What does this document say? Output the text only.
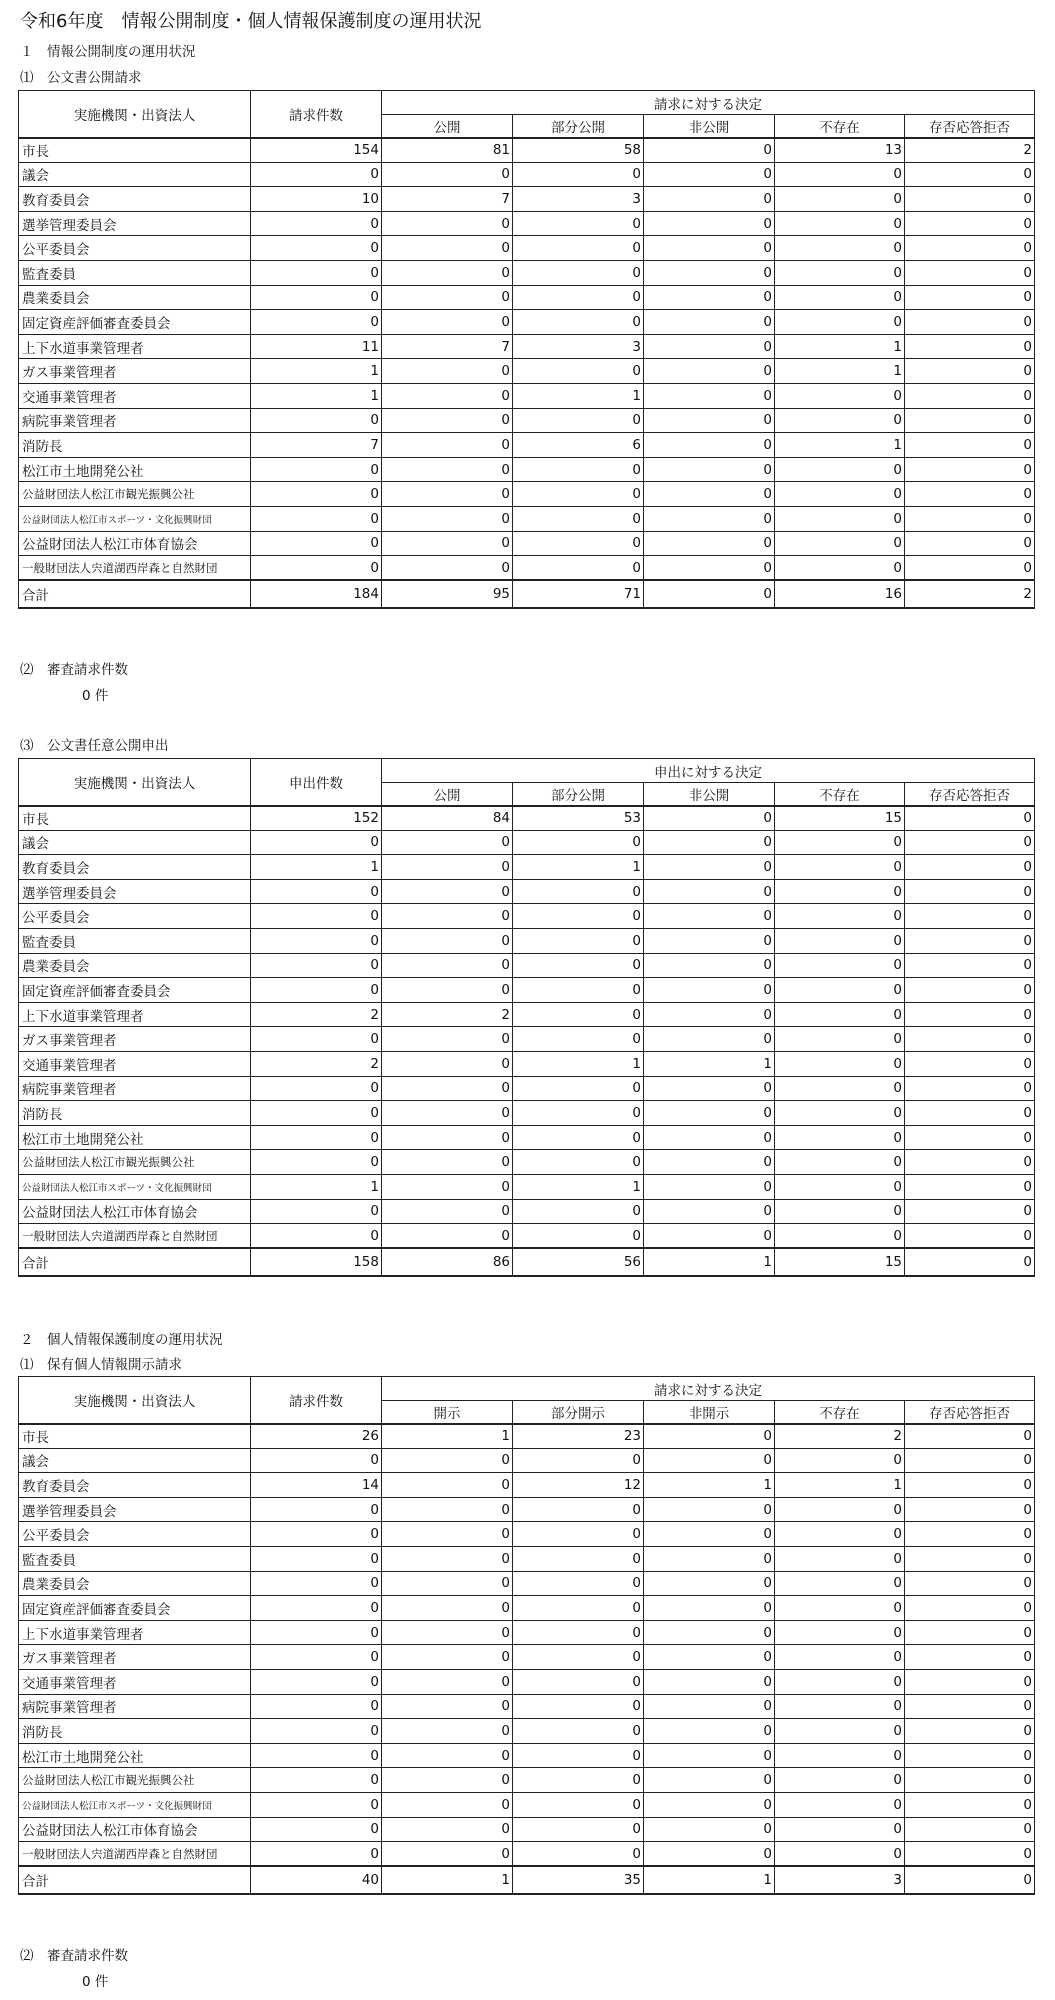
令和6年度　情報公開制度・個人情報保護制度の運用状況
１　情報公開制度の運用状況
⑴　公文書公開請求
実施機関・出資法人	請求件数	請求に対する決定				
		公開	部分公開	非公開	不存在	存否応答拒否
市長	154	81	58	0	13	2
議会	0	0	0	0	0	0
教育委員会	10	7	3	0	0	0
選挙管理委員会	0	0	0	0	0	0
公平委員会	0	0	0	0	0	0
監査委員	0	0	0	0	0	0
農業委員会	0	0	0	0	0	0
固定資産評価審査委員会	0	0	0	0	0	0
上下水道事業管理者	11	7	3	0	1	0
ガス事業管理者	1	0	0	0	1	0
交通事業管理者	1	0	1	0	0	0
病院事業管理者	0	0	0	0	0	0
消防長	7	0	6	0	1	0
松江市土地開発公社	0	0	0	0	0	0
公益財団法人松江市観光振興公社	0	0	0	0	0	0
公益財団法人松江市スポーツ・文化振興財団	0	0	0	0	0	0
公益財団法人松江市体育協会	0	0	0	0	0	0
一般財団法人宍道湖西岸森と自然財団	0	0	0	0	0	0
合計	184	95	71	0	16	2
⑵　審査請求件数
0 件
⑶　公文書任意公開申出
実施機関・出資法人	申出件数	申出に対する決定				
		公開	部分公開	非公開	不存在	存否応答拒否
市長	152	84	53	0	15	0
議会	0	0	0	0	0	0
教育委員会	1	0	1	0	0	0
選挙管理委員会	0	0	0	0	0	0
公平委員会	0	0	0	0	0	0
監査委員	0	0	0	0	0	0
農業委員会	0	0	0	0	0	0
固定資産評価審査委員会	0	0	0	0	0	0
上下水道事業管理者	2	2	0	0	0	0
ガス事業管理者	0	0	0	0	0	0
交通事業管理者	2	0	1	1	0	0
病院事業管理者	0	0	0	0	0	0
消防長	0	0	0	0	0	0
松江市土地開発公社	0	0	0	0	0	0
公益財団法人松江市観光振興公社	0	0	0	0	0	0
公益財団法人松江市スポーツ・文化振興財団	1	0	1	0	0	0
公益財団法人松江市体育協会	0	0	0	0	0	0
一般財団法人宍道湖西岸森と自然財団	0	0	0	0	0	0
合計	158	86	56	1	15	0
２　個人情報保護制度の運用状況
⑴　保有個人情報開示請求
実施機関・出資法人	請求件数	請求に対する決定				
		開示	部分開示	非開示	不存在	存否応答拒否
市長	26	1	23	0	2	0
議会	0	0	0	0	0	0
教育委員会	14	0	12	1	1	0
選挙管理委員会	0	0	0	0	0	0
公平委員会	0	0	0	0	0	0
監査委員	0	0	0	0	0	0
農業委員会	0	0	0	0	0	0
固定資産評価審査委員会	0	0	0	0	0	0
上下水道事業管理者	0	0	0	0	0	0
ガス事業管理者	0	0	0	0	0	0
交通事業管理者	0	0	0	0	0	0
病院事業管理者	0	0	0	0	0	0
消防長	0	0	0	0	0	0
松江市土地開発公社	0	0	0	0	0	0
公益財団法人松江市観光振興公社	0	0	0	0	0	0
公益財団法人松江市スポーツ・文化振興財団	0	0	0	0	0	0
公益財団法人松江市体育協会	0	0	0	0	0	0
一般財団法人宍道湖西岸森と自然財団	0	0	0	0	0	0
合計	40	1	35	1	3	0
⑵　審査請求件数
0 件
